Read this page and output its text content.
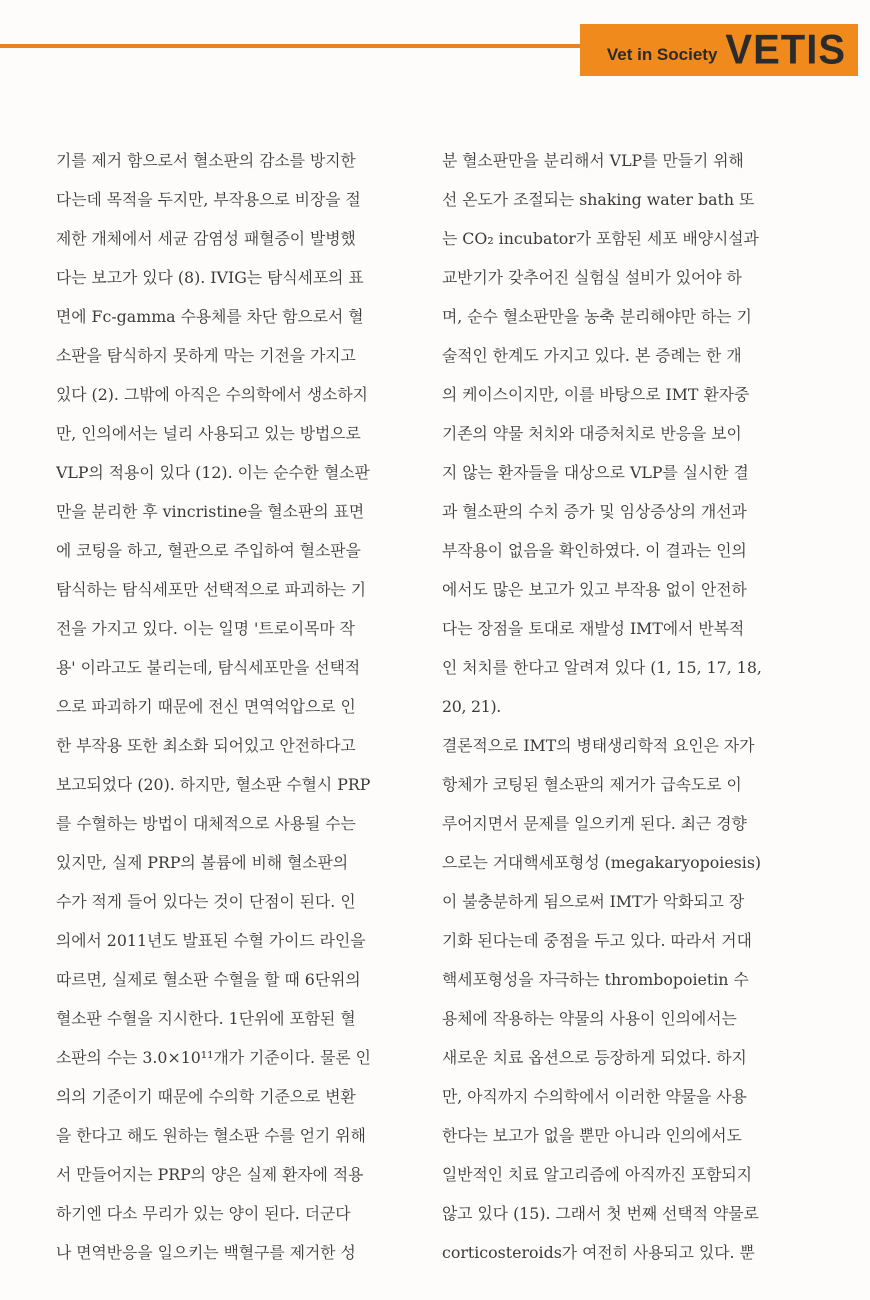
Vet in Society VETIS

기를 제거 함으로서 혈소판의 감소를 방지한

다는데 목적을 두지만, 부작용으로 비장을 절

제한 개체에서 세균 감염성 패혈증이 발병했

다는 보고가 있다 (8). IVIG는 탐식세포의 표

면에 Fc-gamma 수용체를 차단 함으로서 혈

소판을 탐식하지 못하게 막는 기전을 가지고

있다 (2). 그밖에 아직은 수의학에서 생소하지

만, 인의에서는 널리 사용되고 있는 방법으로

VLP의 적용이 있다 (12). 이는 순수한 혈소판

만을 분리한 후 vincristine을 혈소판의 표면

에 코팅을 하고, 혈관으로 주입하여 혈소판을

탐식하는 탐식세포만 선택적으로 파괴하는 기

전을 가지고 있다. 이는 일명 '트로이목마 작

용' 이라고도 불리는데, 탐식세포만을 선택적

으로 파괴하기 때문에 전신 면역억압으로 인

한 부작용 또한 최소화 되어있고 안전하다고

보고되었다 (20). 하지만, 혈소판 수혈시 PRP

를 수혈하는 방법이 대체적으로 사용될 수는

있지만, 실제 PRP의 볼륨에 비해 혈소판의

수가 적게 들어 있다는 것이 단점이 된다. 인

의에서 2011년도 발표된 수혈 가이드 라인을

따르면, 실제로 혈소판 수혈을 할 때 6단위의

혈소판 수혈을 지시한다. 1단위에 포함된 혈

소판의 수는 3.0×10¹¹개가 기준이다. 물론 인

의의 기준이기 때문에 수의학 기준으로 변환

을 한다고 해도 원하는 혈소판 수를 얻기 위해

서 만들어지는 PRP의 양은 실제 환자에 적용

하기엔 다소 무리가 있는 양이 된다. 더군다

나 면역반응을 일으키는 백혈구를 제거한 성

분 혈소판만을 분리해서 VLP를 만들기 위해

선 온도가 조절되는 shaking water bath 또

는 CO₂ incubator가 포함된 세포 배양시설과

교반기가 갖추어진 실험실 설비가 있어야 하

며, 순수 혈소판만을 농축 분리해야만 하는 기

술적인 한계도 가지고 있다. 본 증례는 한 개

의 케이스이지만, 이를 바탕으로 IMT 환자중

기존의 약물 처치와 대증처치로 반응을 보이

지 않는 환자들을 대상으로 VLP를 실시한 결

과 혈소판의 수치 증가 및 임상증상의 개선과

부작용이 없음을 확인하였다. 이 결과는 인의

에서도 많은 보고가 있고 부작용 없이 안전하

다는 장점을 토대로 재발성 IMT에서 반복적

인 처치를 한다고 알려져 있다 (1, 15, 17, 18,

20, 21).

결론적으로 IMT의 병태생리학적 요인은 자가

항체가 코팅된 혈소판의 제거가 급속도로 이

루어지면서 문제를 일으키게 된다. 최근 경향

으로는 거대핵세포형성 (megakaryopoiesis)

이 불충분하게 됨으로써 IMT가 악화되고 장

기화 된다는데 중점을 두고 있다. 따라서 거대

핵세포형성을 자극하는 thrombopoietin 수

용체에 작용하는 약물의 사용이 인의에서는

새로운 치료 옵션으로 등장하게 되었다. 하지

만, 아직까지 수의학에서 이러한 약물을 사용

한다는 보고가 없을 뿐만 아니라 인의에서도

일반적인 치료 알고리즘에 아직까진 포함되지

않고 있다 (15). 그래서 첫 번째 선택적 약물로

corticosteroids가 여전히 사용되고 있다. 뿐
